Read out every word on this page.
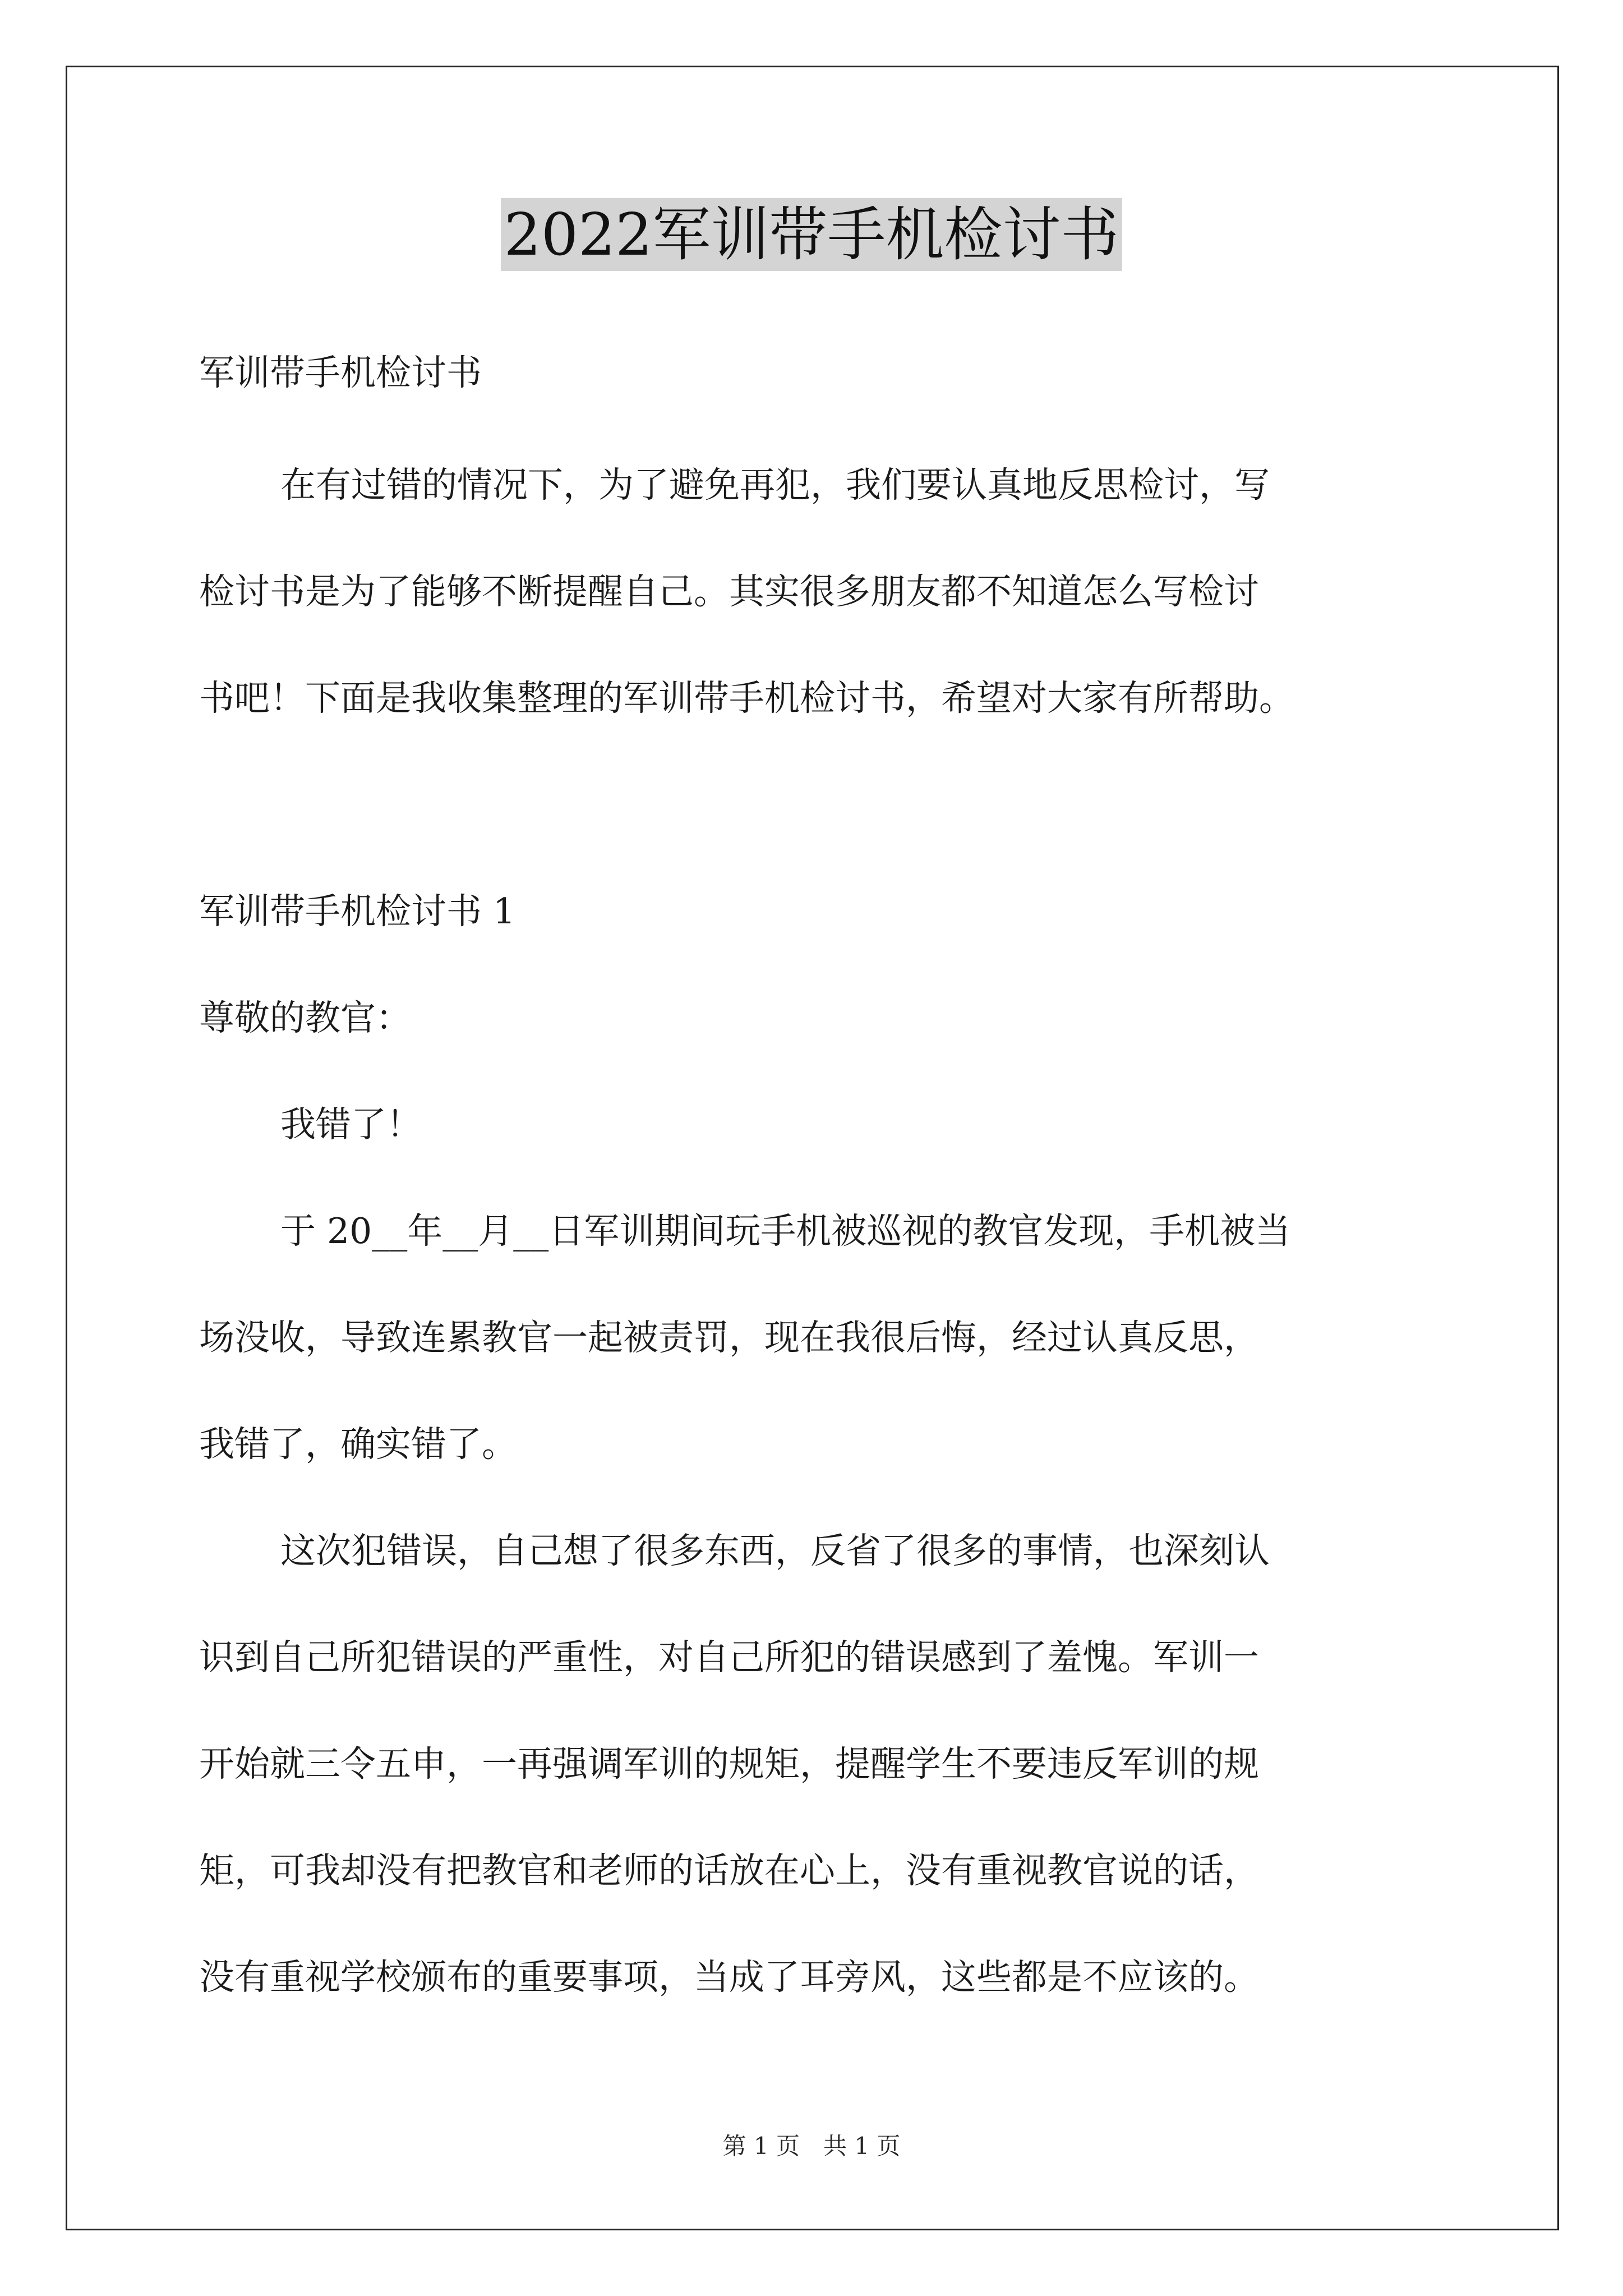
2022军训带手机检讨书
军训带手机检讨书
在有过错的情况下，为了避免再犯，我们要认真地反思检讨，写
检讨书是为了能够不断提醒自己。其实很多朋友都不知道怎么写检讨
书吧！下面是我收集整理的军训带手机检讨书，希望对大家有所帮助。
军训带手机检讨书 1
尊敬的教官：
我错了！
于 20__年__月__日军训期间玩手机被巡视的教官发现，手机被当
场没收，导致连累教官一起被责罚，现在我很后悔，经过认真反思，
我错了，确实错了。
这次犯错误，自己想了很多东西，反省了很多的事情，也深刻认
识到自己所犯错误的严重性，对自己所犯的错误感到了羞愧。军训一
开始就三令五申，一再强调军训的规矩，提醒学生不要违反军训的规
矩，可我却没有把教官和老师的话放在心上，没有重视教官说的话，
没有重视学校颁布的重要事项，当成了耳旁风，这些都是不应该的。
第 1 页　共 1 页
